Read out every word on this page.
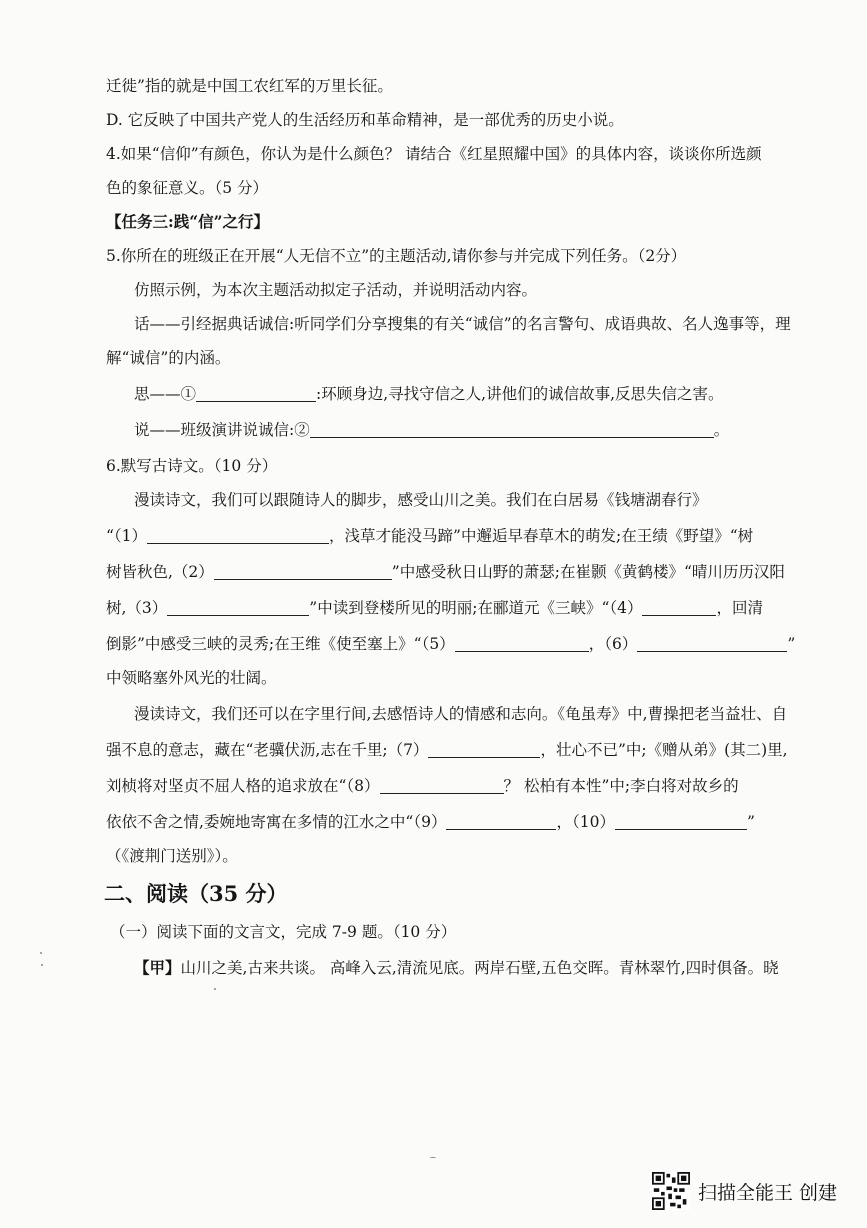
迁徙”指的就是中国工农红军的万里长征。
D. 它反映了中国共产党人的生活经历和革命精神，是一部优秀的历史小说。
4.如果“信仰”有颜色，你认为是什么颜色？ 请结合《红星照耀中国》的具体内容，谈谈你所选颜
色的象征意义。（5 分）
【任务三:践“信”之行】
5.你所在的班级正在开展“人无信不立”的主题活动,请你参与并完成下列任务。（2分）
仿照示例，为本次主题活动拟定子活动，并说明活动内容。
话——引经据典话诚信:听同学们分享搜集的有关“诚信”的名言警句、成语典故、名人逸事等，理
解“诚信”的内涵。
思——①	:环顾身边,寻找守信之人,讲他们的诚信故事,反思失信之害。
说——班级演讲说诚信:②	。
6.默写古诗文。（10 分）
漫读诗文，我们可以跟随诗人的脚步，感受山川之美。我们在白居易《钱塘湖春行》
“（1）	，浅草才能没马蹄”中邂逅早春草木的萌发;在王绩《野望》“树
树皆秋色,（2）	”中感受秋日山野的萧瑟;在崔颢《黄鹤楼》“晴川历历汉阳
树,（3）	”中读到登楼所见的明丽;在郦道元《三峡》“（4）	，回清
倒影”中感受三峡的灵秀;在王维《使至塞上》“（5）	，（6）	”
中领略塞外风光的壮阔。
漫读诗文，我们还可以在字里行间,去感悟诗人的情感和志向。《龟虽寿》中,曹操把老当益壮、自
强不息的意志，藏在“老骥伏沥,志在千里;（7）	，壮心不已”中;《赠从弟》(其二)里,
刘桢将对坚贞不屈人格的追求放在“（8）	？ 松柏有本性”中;李白将对故乡的
依依不舍之情,委婉地寄寓在多情的江水之中“（9）	，（10）	”
（《渡荆门送别》）。
二、阅读（35 分）
（一）阅读下面的文言文，完成 7-9 题。（10 分）
【甲】山川之美,古来共谈。 高峰入云,清流见底。两岸石壁,五色交晖。青林翠竹,四时俱备。晓
扫描全能王 创建
